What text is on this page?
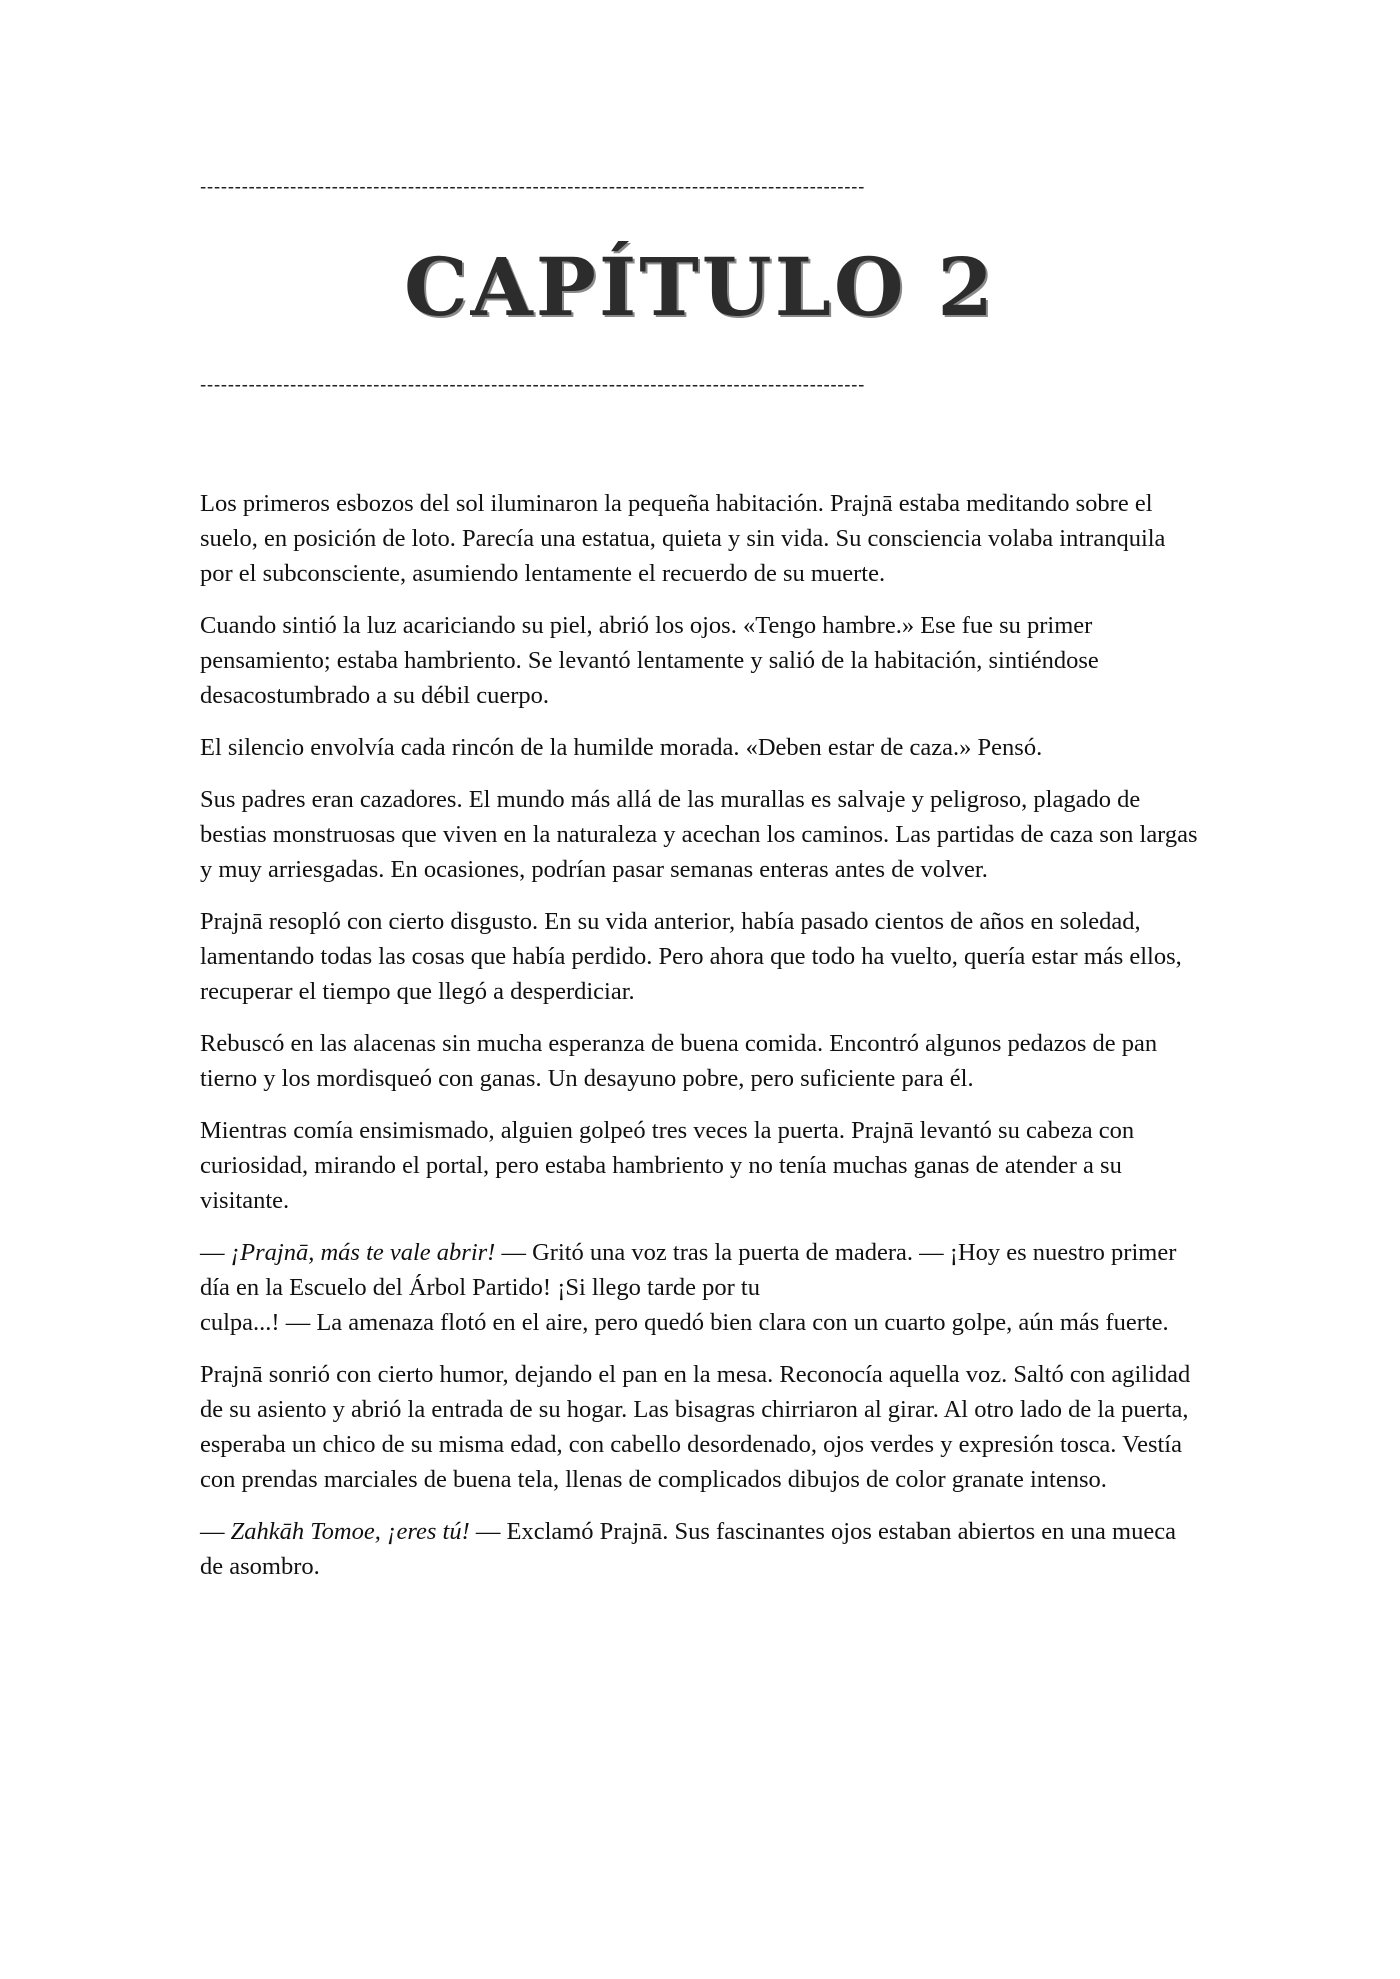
------------------------------------------------------------------------------------------------
CAPÍTULO 2
------------------------------------------------------------------------------------------------

Los primeros esbozos del sol iluminaron la pequeña habitación. Prajnā estaba meditando sobre el suelo, en posición de loto. Parecía una estatua, quieta y sin vida. Su consciencia volaba intranquila por el subconsciente, asumiendo lentamente el recuerdo de su muerte.

Cuando sintió la luz acariciando su piel, abrió los ojos. «Tengo hambre.» Ese fue su primer pensamiento; estaba hambriento. Se levantó lentamente y salió de la habitación, sintiéndose desacostumbrado a su débil cuerpo.

El silencio envolvía cada rincón de la humilde morada. «Deben estar de caza.» Pensó.

Sus padres eran cazadores. El mundo más allá de las murallas es salvaje y peligroso, plagado de bestias monstruosas que viven en la naturaleza y acechan los caminos. Las partidas de caza son largas y muy arriesgadas. En ocasiones, podrían pasar semanas enteras antes de volver.

Prajnā resopló con cierto disgusto. En su vida anterior, había pasado cientos de años en soledad, lamentando todas las cosas que había perdido. Pero ahora que todo ha vuelto, quería estar más ellos, recuperar el tiempo que llegó a desperdiciar.

Rebuscó en las alacenas sin mucha esperanza de buena comida. Encontró algunos pedazos de pan tierno y los mordisqueó con ganas. Un desayuno pobre, pero suficiente para él.

Mientras comía ensimismado, alguien golpeó tres veces la puerta. Prajnā levantó su cabeza con curiosidad, mirando el portal, pero estaba hambriento y no tenía muchas ganas de atender a su visitante.

— ¡Prajnā, más te vale abrir! — Gritó una voz tras la puerta de madera. — ¡Hoy es nuestro primer día en la Escuelo del Árbol Partido! ¡Si llego tarde por tu
culpa...! — La amenaza flotó en el aire, pero quedó bien clara con un cuarto golpe, aún más fuerte.

Prajnā sonrió con cierto humor, dejando el pan en la mesa. Reconocía aquella voz. Saltó con agilidad de su asiento y abrió la entrada de su hogar. Las bisagras chirriaron al girar. Al otro lado de la puerta, esperaba un chico de su misma edad, con cabello desordenado, ojos verdes y expresión tosca. Vestía con prendas marciales de buena tela, llenas de complicados dibujos de color granate intenso.

— Zahkāh Tomoe, ¡eres tú! — Exclamó Prajnā. Sus fascinantes ojos estaban abiertos en una mueca de asombro.
